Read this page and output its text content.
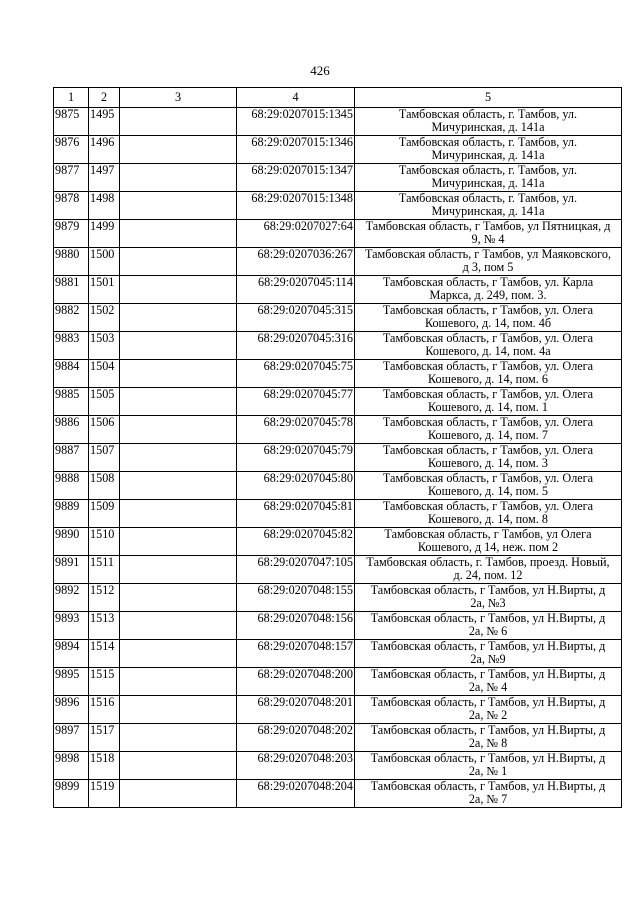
426
1	2	3	4	5
9875	1495		68:29:0207015:1345	Тамбовская область, г. Тамбов, ул.
Мичуринская, д. 141а

9876	1496		68:29:0207015:1346	Тамбовская область, г. Тамбов, ул.
Мичуринская, д. 141а

9877	1497		68:29:0207015:1347	Тамбовская область, г. Тамбов, ул.
Мичуринская, д. 141а

9878	1498		68:29:0207015:1348	Тамбовская область, г. Тамбов, ул.
Мичуринская, д. 141а

9879	1499		68:29:0207027:64	Тамбовская область, г Тамбов, ул Пятницкая, д
9, № 4

9880	1500		68:29:0207036:267	Тамбовская область, г Тамбов, ул Маяковского,
д 3, пом 5

9881	1501		68:29:0207045:114	Тамбовская область, г Тамбов, ул. Карла
Маркса, д. 249, пом. 3.

9882	1502		68:29:0207045:315	Тамбовская область, г Тамбов, ул. Олега
Кошевого, д. 14, пом. 4б

9883	1503		68:29:0207045:316	Тамбовская область, г Тамбов, ул. Олега
Кошевого, д. 14, пом. 4а

9884	1504		68:29:0207045:75	Тамбовская область, г Тамбов, ул. Олега
Кошевого, д. 14, пом. 6

9885	1505		68:29:0207045:77	Тамбовская область, г Тамбов, ул. Олега
Кошевого, д. 14, пом. 1

9886	1506		68:29:0207045:78	Тамбовская область, г Тамбов, ул. Олега
Кошевого, д. 14, пом. 7

9887	1507		68:29:0207045:79	Тамбовская область, г Тамбов, ул. Олега
Кошевого, д. 14, пом. 3

9888	1508		68:29:0207045:80	Тамбовская область, г Тамбов, ул. Олега
Кошевого, д. 14, пом. 5

9889	1509		68:29:0207045:81	Тамбовская область, г Тамбов, ул. Олега
Кошевого, д. 14, пом. 8

9890	1510		68:29:0207045:82	Тамбовская область, г Тамбов, ул Олега
Кошевого, д 14, неж. пом 2

9891	1511		68:29:0207047:105	Тамбовская область, г. Тамбов, проезд. Новый,
д. 24, пом. 12

9892	1512		68:29:0207048:155	Тамбовская область, г Тамбов, ул Н.Вирты, д
2а, №3

9893	1513		68:29:0207048:156	Тамбовская область, г Тамбов, ул Н.Вирты, д
2а, № 6

9894	1514		68:29:0207048:157	Тамбовская область, г Тамбов, ул Н.Вирты, д
2а, №9

9895	1515		68:29:0207048:200	Тамбовская область, г Тамбов, ул Н.Вирты, д
2а, № 4

9896	1516		68:29:0207048:201	Тамбовская область, г Тамбов, ул Н.Вирты, д
2а, № 2

9897	1517		68:29:0207048:202	Тамбовская область, г Тамбов, ул Н.Вирты, д
2а, № 8

9898	1518		68:29:0207048:203	Тамбовская область, г Тамбов, ул Н.Вирты, д
2а, № 1

9899	1519		68:29:0207048:204	Тамбовская область, г Тамбов, ул Н.Вирты, д
2а, № 7
